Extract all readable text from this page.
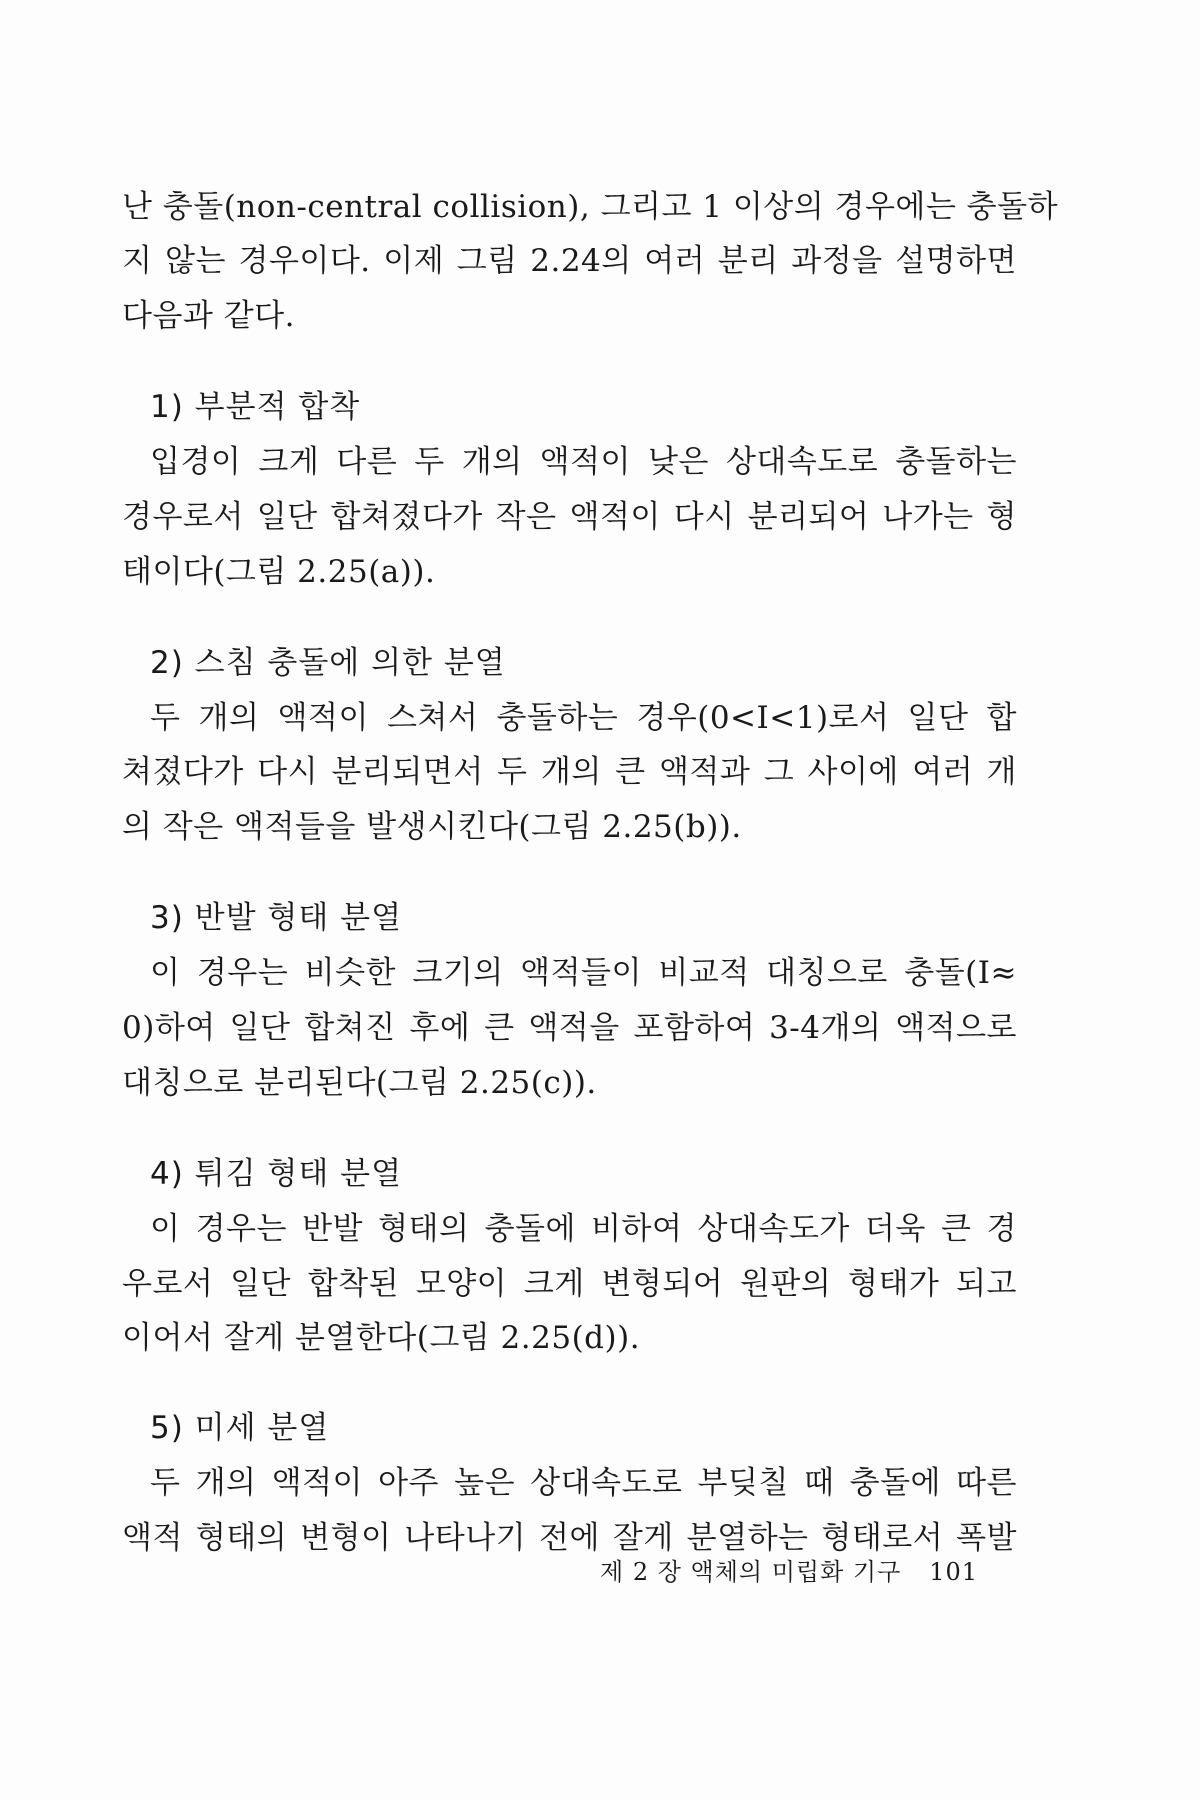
난 충돌(non-central collision), 그리고 1 이상의 경우에는 충돌하
지 않는 경우이다. 이제 그림 2.24의 여러 분리 과정을 설명하면
다음과 같다.
1) 부분적 합착
입경이 크게 다른 두 개의 액적이 낮은 상대속도로 충돌하는
경우로서 일단 합쳐졌다가 작은 액적이 다시 분리되어 나가는 형
태이다(그림 2.25(a)).
2) 스침 충돌에 의한 분열
두 개의 액적이 스쳐서 충돌하는 경우(0<I<1)로서 일단 합
쳐졌다가 다시 분리되면서 두 개의 큰 액적과 그 사이에 여러 개
의 작은 액적들을 발생시킨다(그림 2.25(b)).
3) 반발 형태 분열
이 경우는 비슷한 크기의 액적들이 비교적 대칭으로 충돌(I≈
0)하여 일단 합쳐진 후에 큰 액적을 포함하여 3-4개의 액적으로
대칭으로 분리된다(그림 2.25(c)).
4) 튀김 형태 분열
이 경우는 반발 형태의 충돌에 비하여 상대속도가 더욱 큰 경
우로서 일단 합착된 모양이 크게 변형되어 원판의 형태가 되고
이어서 잘게 분열한다(그림 2.25(d)).
5) 미세 분열
두 개의 액적이 아주 높은 상대속도로 부딪칠 때 충돌에 따른
액적 형태의 변형이 나타나기 전에 잘게 분열하는 형태로서 폭발
제 2 장 액체의 미립화 기구 101
